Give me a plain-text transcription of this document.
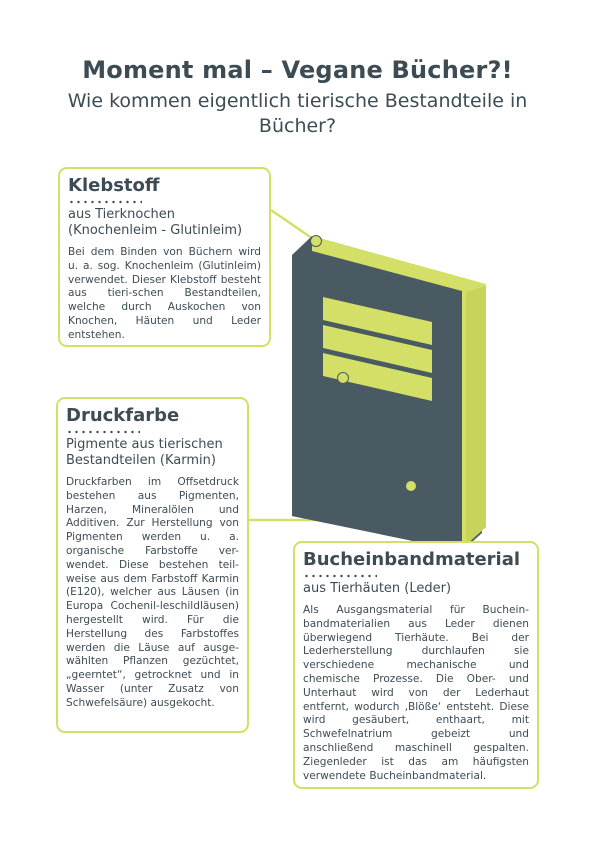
Moment mal – Vegane Bücher?!
Wie kommen eigentlich tierische Bestandteile in Bücher?
Klebstoff
aus Tierknochen (Knochenleim - Glutinleim)

Bei dem Binden von Büchern wird u. a. sog. Knochenleim (Glutinleim) verwendet. Dieser Klebstoff besteht aus tieri-schen Bestandteilen, welche durch Auskochen von Knochen, Häuten und Leder entstehen.

Druckfarbe
Pigmente aus tierischen Bestandteilen (Karmin)

Druckfarben im Offsetdruck bestehen aus Pigmenten, Harzen, Mineralölen und Additiven. Zur Herstellung von Pigmenten werden u. a. organische Farbstoffe ver-wendet. Diese bestehen teil-weise aus dem Farbstoff Karmin (E120), welcher aus Läusen (in Europa Cochenil-leschildläusen) hergestellt wird. Für die Herstellung des Farbstoffes werden die Läuse auf ausge-wählten Pflanzen gezüchtet, „geerntet“, getrocknet und in Wasser (unter Zusatz von Schwefelsäure) ausgekocht.

Bucheinbandmaterial
aus Tierhäuten (Leder)

Als Ausgangsmaterial für Buchein-bandmaterialien aus Leder dienen überwiegend Tierhäute. Bei der Lederherstellung durchlaufen sie verschiedene mechanische und chemische Prozesse. Die Ober- und Unterhaut wird von der Lederhaut entfernt, wodurch ‚Blöße‘ entsteht. Diese wird gesäubert, enthaart, mit Schwefelnatrium gebeizt und anschließend maschinell gespalten. Ziegenleder ist das am häufigsten verwendete Bucheinbandmaterial.
